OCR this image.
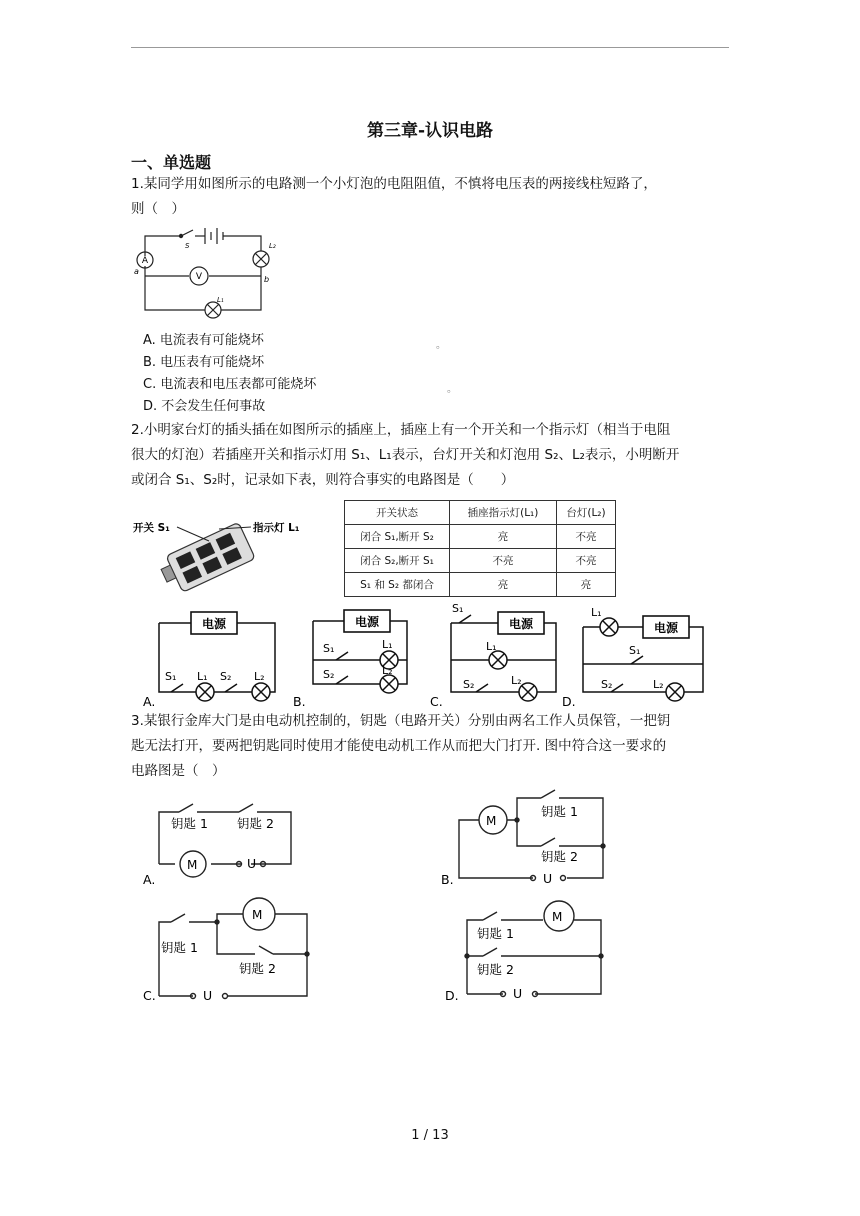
第三章-认识电路
一、单选题
1.某同学用如图所示的电路测一个小灯泡的电阻阻值，不慎将电压表的两接线柱短路了，
则（　）
A
V
S	L₂
L₁
a
b
A. 电流表有可能烧坏
B. 电压表有可能烧坏
C. 电流表和电压表都可能烧坏
D. 不会发生任何事故
。
。
2.小明家台灯的插头插在如图所示的插座上，插座上有一个开关和一个指示灯（相当于电阻
很大的灯泡）若插座开关和指示灯用 S₁、L₁表示，台灯开关和灯泡用 S₂、L₂表示，小明断开
或闭合 S₁、S₂时，记录如下表，则符合事实的电路图是（　　）
开关 S₁	指示灯 L₁
开关状态	插座指示灯(L₁)	台灯(L₂)
闭合 S₁,断开 S₂	亮	不亮
闭合 S₂,断开 S₁	不亮	不亮
S₁ 和 S₂ 都闭合	亮	亮
电源	电源	电源	电源
S₁ L₁ S₂ L₂
S₁	L₁
S₂	L₂
S₁
L₁
S₂	L₂
L₁
S₁
S₂	L₂
A.	B.	C.	D.
3.某银行金库大门是由电动机控制的，钥匙（电路开关）分别由两名工作人员保管，一把钥
匙无法打开，要两把钥匙同时使用才能使电动机工作从而把大门打开. 图中符合这一要求的
电路图是（　）
钥匙 1 钥匙 2
M	U
M
钥匙 1
钥匙 2
U
钥匙 1
钥匙 2
M
U
钥匙 1
钥匙 2
M
U
A.	B.
C.	D.
1 / 13
